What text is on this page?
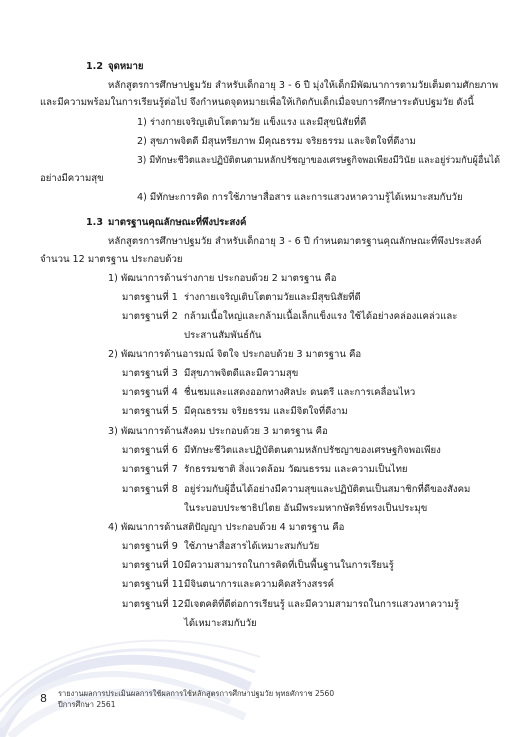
1.2 จุดหมาย
หลักสูตรการศึกษาปฐมวัย สำหรับเด็กอายุ 3 - 6 ปี มุ่งให้เด็กมีพัฒนาการตามวัยเต็มตามศักยภาพ
และมีความพร้อมในการเรียนรู้ต่อไป จึงกำหนดจุดหมายเพื่อให้เกิดกับเด็กเมื่อจบการศึกษาระดับปฐมวัย ดังนี้
1) ร่างกายเจริญเติบโตตามวัย แข็งแรง และมีสุขนิสัยที่ดี
2) สุขภาพจิตดี มีสุนทรียภาพ มีคุณธรรม จริยธรรม และจิตใจที่ดีงาม
3) มีทักษะชีวิตและปฏิบัติตนตามหลักปรัชญาของเศรษฐกิจพอเพียงมีวินัย และอยู่ร่วมกับผู้อื่นได้
อย่างมีความสุข
4) มีทักษะการคิด การใช้ภาษาสื่อสาร และการแสวงหาความรู้ได้เหมาะสมกับวัย
1.3 มาตรฐานคุณลักษณะที่พึงประสงค์
หลักสูตรการศึกษาปฐมวัย สำหรับเด็กอายุ 3 - 6 ปี กำหนดมาตรฐานคุณลักษณะที่พึงประสงค์
จำนวน 12 มาตรฐาน ประกอบด้วย
1) พัฒนาการด้านร่างกาย ประกอบด้วย 2 มาตรฐาน คือ
มาตรฐานที่ 1 ร่างกายเจริญเติบโตตามวัยและมีสุขนิสัยที่ดี
มาตรฐานที่ 2 กล้ามเนื้อใหญ่และกล้ามเนื้อเล็กแข็งแรง ใช้ได้อย่างคล่องแคล่วและ
ประสานสัมพันธ์กัน
2) พัฒนาการด้านอารมณ์ จิตใจ ประกอบด้วย 3 มาตรฐาน คือ
มาตรฐานที่ 3 มีสุขภาพจิตดีและมีความสุข
มาตรฐานที่ 4 ชื่นชมและแสดงออกทางศิลปะ ดนตรี และการเคลื่อนไหว
มาตรฐานที่ 5 มีคุณธรรม จริยธรรม และมีจิตใจที่ดีงาม
3) พัฒนาการด้านสังคม ประกอบด้วย 3 มาตรฐาน คือ
มาตรฐานที่ 6 มีทักษะชีวิตและปฏิบัติตนตามหลักปรัชญาของเศรษฐกิจพอเพียง
มาตรฐานที่ 7 รักธรรมชาติ สิ่งแวดล้อม วัฒนธรรม และความเป็นไทย
มาตรฐานที่ 8 อยู่ร่วมกับผู้อื่นได้อย่างมีความสุขและปฏิบัติตนเป็นสมาชิกที่ดีของสังคม
ในระบอบประชาธิปไตย อันมีพระมหากษัตริย์ทรงเป็นประมุข
4) พัฒนาการด้านสติปัญญา ประกอบด้วย 4 มาตรฐาน คือ
มาตรฐานที่ 9 ใช้ภาษาสื่อสารได้เหมาะสมกับวัย
มาตรฐานที่ 10 มีความสามารถในการคิดที่เป็นพื้นฐานในการเรียนรู้
มาตรฐานที่ 11 มีจินตนาการและความคิดสร้างสรรค์
มาตรฐานที่ 12 มีเจตคติที่ดีต่อการเรียนรู้ และมีความสามารถในการแสวงหาความรู้
ได้เหมาะสมกับวัย
8 รายงานผลการประเมินผลการใช้ผลการใช้หลักสูตรการศึกษาปฐมวัย พุทธศักราช 2560
ปีการศึกษา 2561
